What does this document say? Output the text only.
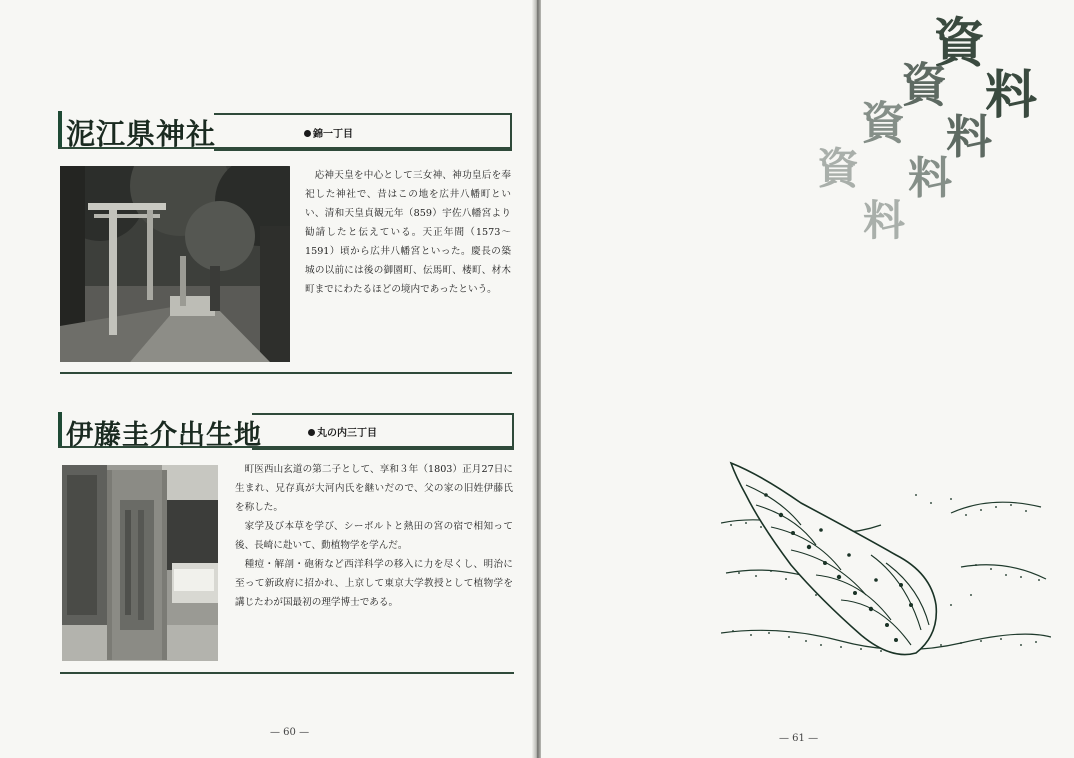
泥江県神社	錦一丁目

応神天皇を中心として三女神、神功皇后を奉祀した神社で、昔はこの地を広井八幡町といい、清和天皇貞観元年（859）宇佐八幡宮より勧請したと伝えている。天正年間（1573～1591）頃から広井八幡宮といった。慶長の築城の以前には後の御園町、伝馬町、楼町、材木町までにわたるほどの境内であったという。

伊藤圭介出生地	丸の内三丁目

町医西山玄道の第二子として、享和３年（1803）正月27日に生まれ、兄存真が大河内氏を継いだので、父の家の旧姓伊藤氏を称した。

家学及び本草を学び、シーボルトと熱田の宮の宿で相知って後、長崎に赴いて、動植物学を学んだ。

種痘・解剖・砲術など西洋科学の移入に力を尽くし、明治に至って新政府に招かれ、上京して東京大学教授として植物学を講じたわが国最初の理学博士である。

— 60 —
資
料
資
料
資
料
資
料
— 61 —
